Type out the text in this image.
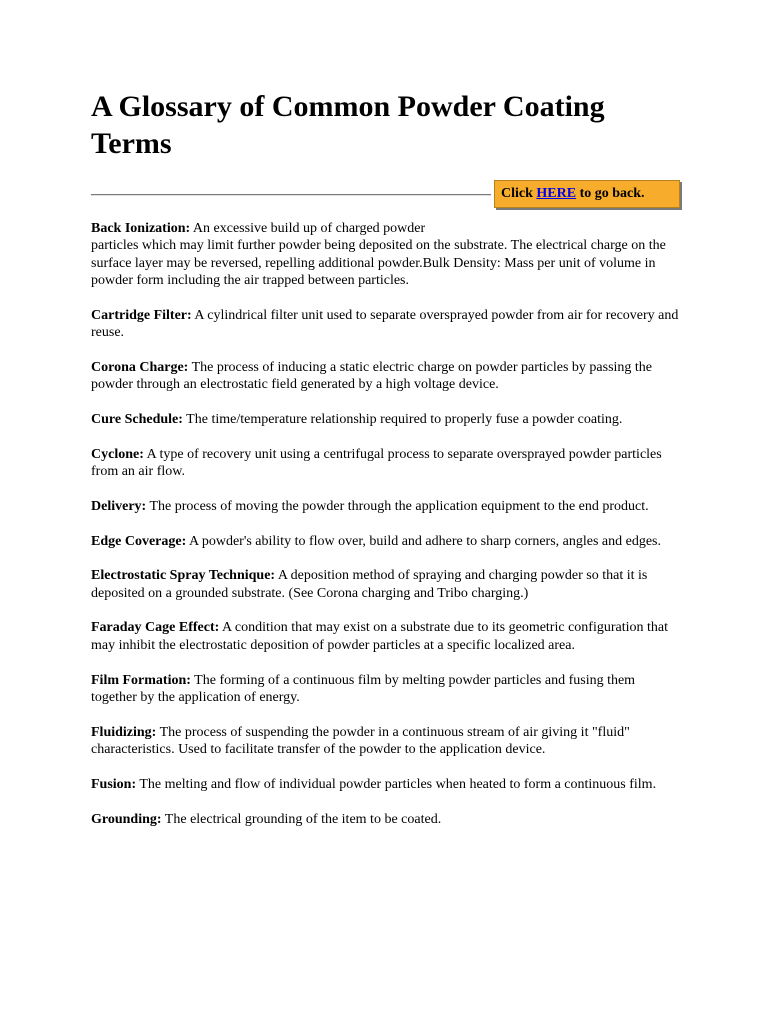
A Glossary of Common Powder Coating Terms
Click HERE to go back.

Back Ionization: An excessive build up of charged powder
particles which may limit further powder being deposited on the substrate. The electrical charge on the surface layer may be reversed, repelling additional powder.Bulk Density: Mass per unit of volume in powder form including the air trapped between particles.

Cartridge Filter: A cylindrical filter unit used to separate oversprayed powder from air for recovery and reuse.

Corona Charge: The process of inducing a static electric charge on powder particles by passing the powder through an electrostatic field generated by a high voltage device.

Cure Schedule: The time/temperature relationship required to properly fuse a powder coating.

Cyclone: A type of recovery unit using a centrifugal process to separate oversprayed powder particles from an air flow.

Delivery: The process of moving the powder through the application equipment to the end product.

Edge Coverage: A powder's ability to flow over, build and adhere to sharp corners, angles and edges.

Electrostatic Spray Technique: A deposition method of spraying and charging powder so that it is deposited on a grounded substrate. (See Corona charging and Tribo charging.)

Faraday Cage Effect: A condition that may exist on a substrate due to its geometric configuration that may inhibit the electrostatic deposition of powder particles at a specific localized area.

Film Formation: The forming of a continuous film by melting powder particles and fusing them together by the application of energy.

Fluidizing: The process of suspending the powder in a continuous stream of air giving it "fluid" characteristics. Used to facilitate transfer of the powder to the application device.

Fusion: The melting and flow of individual powder particles when heated to form a continuous film.

Grounding: The electrical grounding of the item to be coated.
